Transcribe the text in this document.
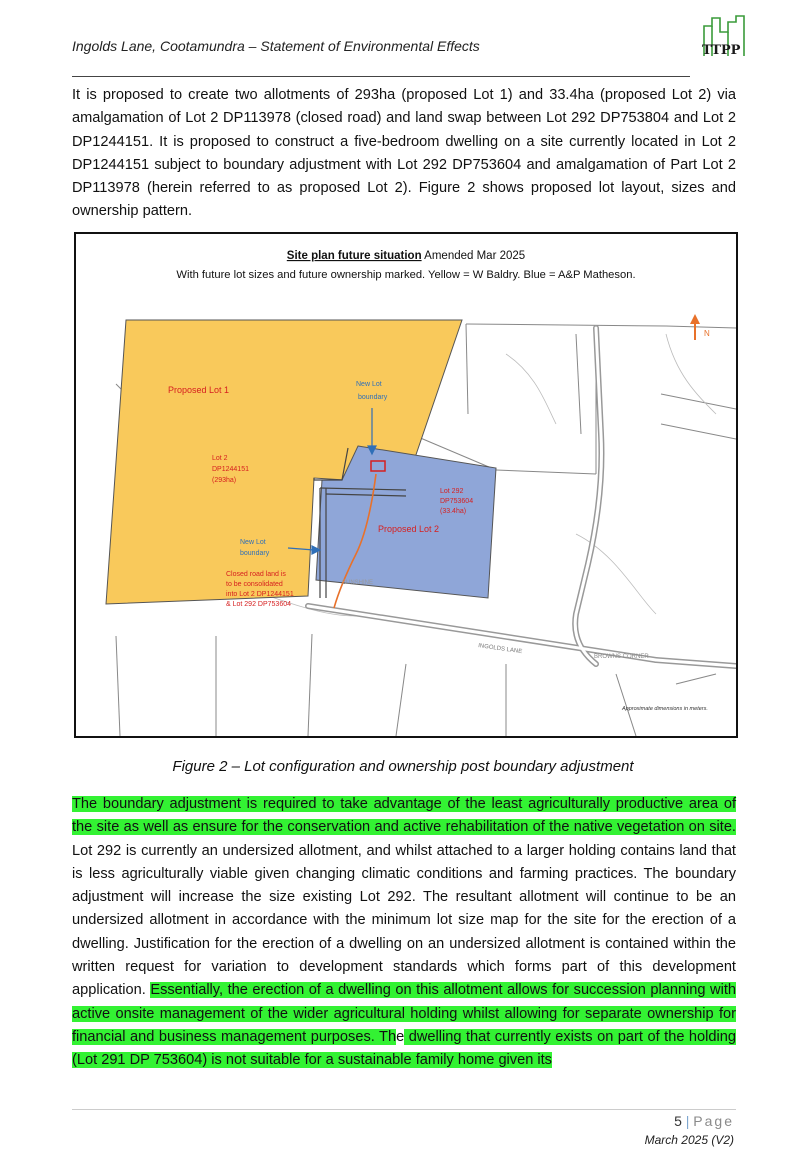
Ingolds Lane, Cootamundra – Statement of Environmental Effects	TTPP
It is proposed to create two allotments of 293ha (proposed Lot 1) and 33.4ha (proposed Lot 2) via amalgamation of Lot 2 DP113978 (closed road) and land swap between Lot 292 DP753804 and Lot 2 DP1244151. It is proposed to construct a five-bedroom dwelling on a site currently located in Lot 2 DP1244151 subject to boundary adjustment with Lot 292 DP753604 and amalgamation of Part Lot 2 DP113978 (herein referred to as proposed Lot 2). Figure 2 shows proposed lot layout, sizes and ownership pattern.
N
Site plan future situation Amended Mar 2025
With future lot sizes and future ownership marked. Yellow = W Baldry. Blue = A&P Matheson.
Proposed Lot 1
New Lot
boundary
Lot 2
DP1244151
(293ha)
Lot 292
DP753604
(33.4ha)
Proposed Lot 2
New Lot
boundary
Closed road land is
to be consolidated
into Lot 2 DP1244151
& Lot 292 DP753604
SUNSHINE
INGOLDS LANE
BROWNS CORNER
Approximate dimensions in meters.
Figure 2 – Lot configuration and ownership post boundary adjustment
The boundary adjustment is required to take advantage of the least agriculturally productive area of the site as well as ensure for the conservation and active rehabilitation of the native vegetation on site. Lot 292 is currently an undersized allotment, and whilst attached to a larger holding contains land that is less agriculturally viable given changing climatic conditions and farming practices. The boundary adjustment will increase the size existing Lot 292. The resultant allotment will continue to be an undersized allotment in accordance with the minimum lot size map for the site for the erection of a dwelling. Justification for the erection of a dwelling on an undersized allotment is contained within the written request for variation to development standards which forms part of this development application. Essentially, the erection of a dwelling on this allotment allows for succession planning with active onsite management of the wider agricultural holding whilst allowing for separate ownership for financial and business management purposes. The dwelling that currently exists on part of the holding (Lot 291 DP 753604) is not suitable for a sustainable family home given its
5 | Page
March 2025 (V2)
